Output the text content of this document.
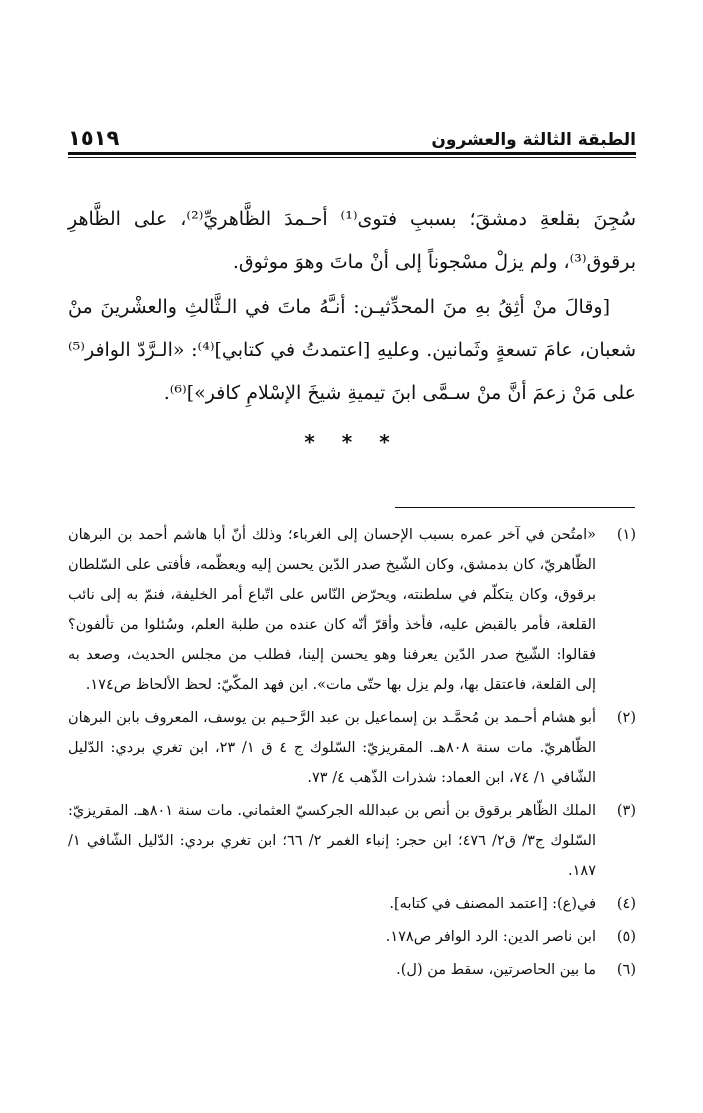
الطبقة الثالثة والعشرون
١٥١٩

سُجِنَ بقلعةِ دمشقَ؛ بسببِ فتوى⁽¹⁾ أحـمدَ الظَّاهريِّ⁽²⁾، على الظَّاهرِ برقوق⁽³⁾، ولم يزلْ مسْجوناً إلى أنْ ماتَ وهوَ موثوق.

[وقالَ منْ أثِقُ بهِ منَ المحدِّثيـن: أنـَّهُ ماتَ في الـثَّالثِ والعشْرينَ منْ شعبان، عامَ تسعةٍ وثَمانين. وعليهِ [اعتمدتُ في كتابي]⁽⁴⁾: «الـرَّدّ الوافر⁽⁵⁾ على مَنْ زعمَ أنَّ منْ سـمَّى ابنَ تيميةِ شيخَ الإسْلامِ كافر»]⁽⁶⁾.

* * *
(١)
«امتُحن في آخر عمره بسبب الإحسان إلى الغرباء؛ وذلك أنّ أبا هاشم أحمد بن البرهان الظّاهريّ، كان بدمشق، وكان الشّيخ صدر الدّين يحسن إليه ويعظّمه، فأفتى على السّلطان برقوق، وكان يتكلّم في سلطنته، ويحرّض النّاس على اتّباع أمر الخليفة، فنمّ به إلى نائب القلعة، فأمر بالقبض عليه، فأخذ وأقرّ أنّه كان عنده من طلبة العلم، وسُئلوا من تألفون؟ فقالوا: الشّيخ صدر الدّين يعرفنا وهو يحسن إلينا، فطلب من مجلس الحديث، وصعد به إلى القلعة، فاعتقل بها، ولم يزل بها حتّى مات». ابن فهد المكّيّ: لحظ الألحاظ ص١٧٤.
(٢)
أبو هشام أحـمد بن مُحمَّـد بن إسماعيل بن عبد الرَّحـيم بن يوسف، المعروف بابن البرهان الظّاهريّ. مات سنة ٨٠٨هـ. المقريزيّ: السّلوك ج ٤ ق ١/ ٢٣، ابن تغري بردي: الدّليل الشّافي ١/ ٧٤، ابن العماد: شذرات الذّهب ٤/ ٧٣.
(٣)
الملك الظّاهر برقوق بن أنص بن عبدالله الجركسيّ العثماني. مات سنة ٨٠١هـ. المقريزيّ: السّلوك ج٣/ ق٢/ ٤٧٦؛ ابن حجر: إنباء الغمر ٢/ ٦٦؛ ابن تغري بردي: الدّليل الشّافي ١/ ١٨٧.
(٤)
في(ع): [اعتمد المصنف في كتابه].
(٥)
ابن ناصر الدين: الرد الوافر ص١٧٨.
(٦)
ما بين الحاصرتين، سقط من (ل).
